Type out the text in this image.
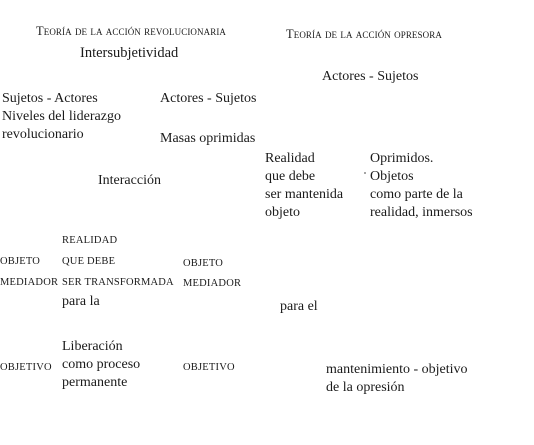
Teoría de la acción revolucionaria
Intersubjetividad
Sujetos - Actores
Niveles del liderazgo
revolucionario
Actores - Sujetos
Masas oprimidas
Interacción
REALIDAD
OBJETO QUE DEBE	OBJETO
MEDIADOR SER TRANSFORMADA MEDIADOR
para la
Liberación
como proceso
permanente
OBJETIVO	OBJETIVO
Teoría de la acción opresora
Actores - Sujetos
Realidad
que debe
ser mantenida
objeto
Oprimidos.
Objetos
como parte de la
realidad, inmersos
para el
mantenimiento - objetivo
de la opresión
